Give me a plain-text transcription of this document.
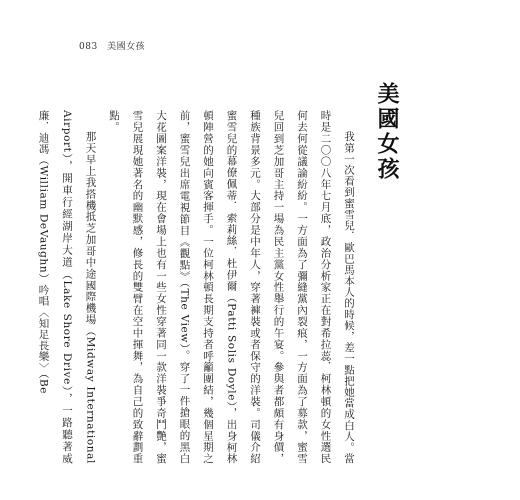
083 美國女孩
美國女孩

我第一次看到蜜雪兒．歐巴馬本人的時候，差一點把她當成白人。當時是二〇〇八年七月底，政治分析家正在對希拉蕊．柯林頓的女性選民何去何從議論紛紛。一方面為了彌縫黨內裂痕，一方面為了募款，蜜雪兒回到芝加哥主持一場為民主黨女性舉行的午宴。參與者都頗有身價，種族背景多元。大部分是中年人，穿著褲裝或者保守的洋裝。司儀介紹蜜雪兒的幕僚佩蒂．索莉絲．杜伊爾（Patti Solis Doyle），出身柯林頓陣營的她向賓客揮手。一位柯林頓長期支持者呼籲團結，幾個星期之前，蜜雪兒出席電視節目《觀點》（The View）。穿了一件搶眼的黑白大花圖案洋裝，現在會場上也有一些女性穿著同一款洋裝爭奇鬥艷，蜜雪兒展現她著名的幽默感，修長的雙臂在空中揮舞，為自己的致辭劃重點。

那天早上我搭機抵芝加哥中途國際機場（Midway International Airport），開車行經湖岸大道（Lake Shore Drive），一路聽著威廉．迪馮（William DeVaughn）吟唱〈知足長樂〉（Be
